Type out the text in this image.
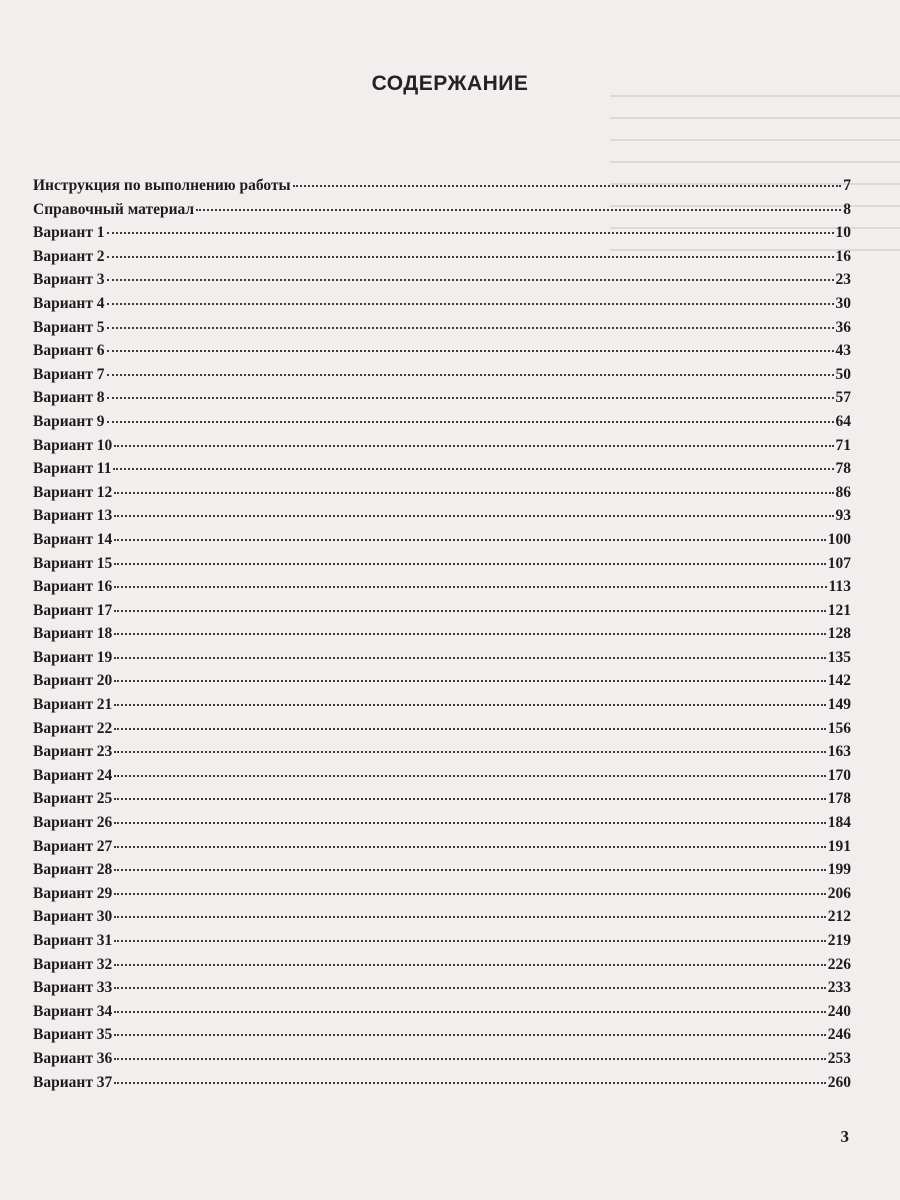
СОДЕРЖАНИЕ
Инструкция по выполнению работы	7
Справочный материал	8
Вариант 1	10
Вариант 2	16
Вариант 3	23
Вариант 4	30
Вариант 5	36
Вариант 6	43
Вариант 7	50
Вариант 8	57
Вариант 9	64
Вариант 10	71
Вариант 11	78
Вариант 12	86
Вариант 13	93
Вариант 14	100
Вариант 15	107
Вариант 16	113
Вариант 17	121
Вариант 18	128
Вариант 19	135
Вариант 20	142
Вариант 21	149
Вариант 22	156
Вариант 23	163
Вариант 24	170
Вариант 25	178
Вариант 26	184
Вариант 27	191
Вариант 28	199
Вариант 29	206
Вариант 30	212
Вариант 31	219
Вариант 32	226
Вариант 33	233
Вариант 34	240
Вариант 35	246
Вариант 36	253
Вариант 37	260
3
